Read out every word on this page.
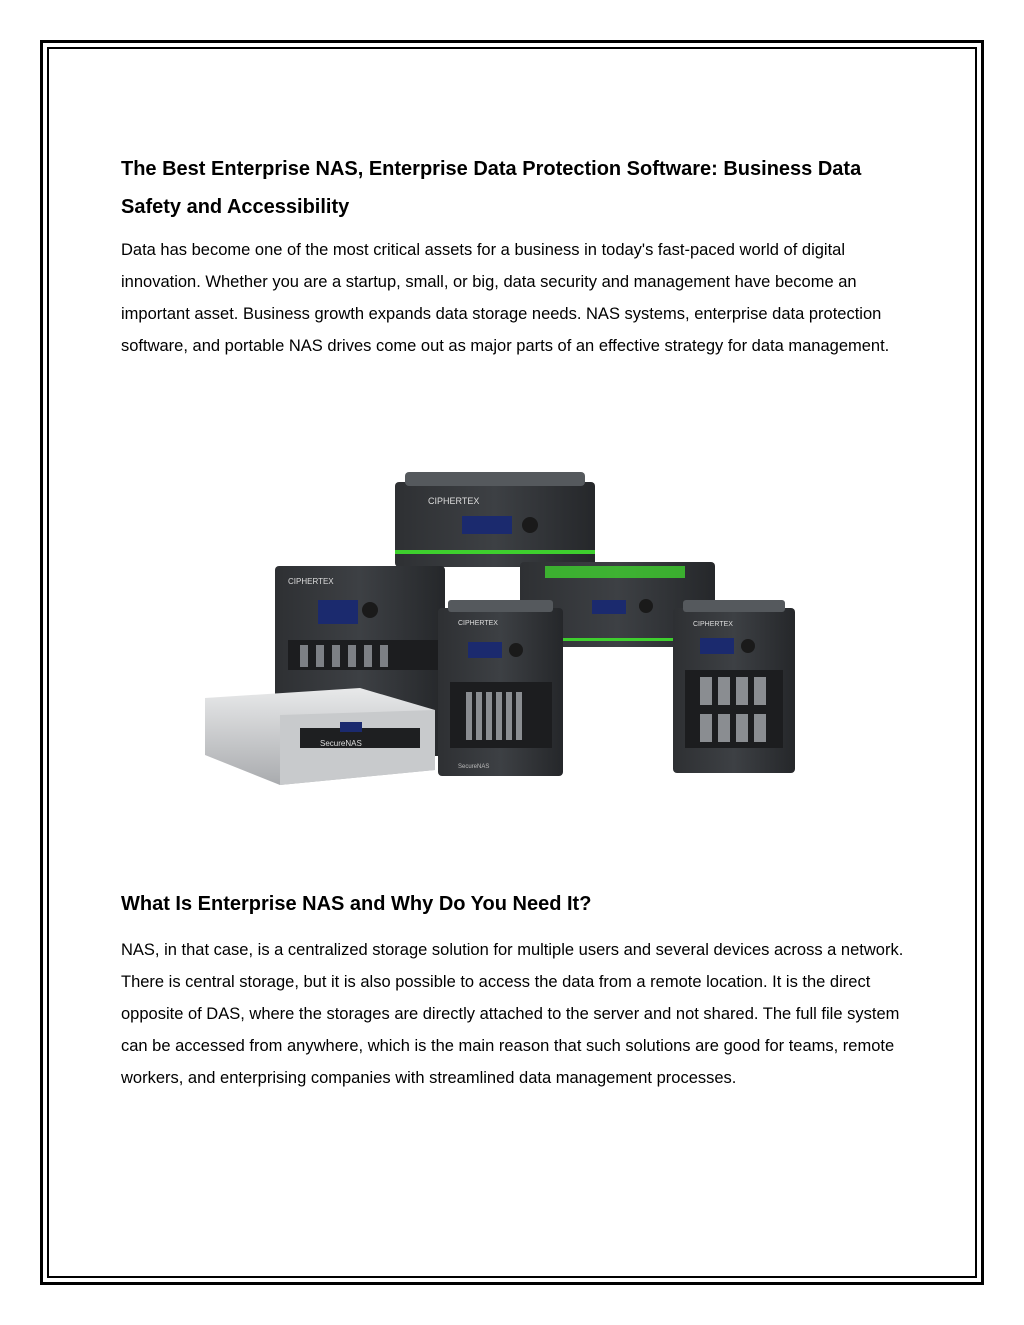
The Best Enterprise NAS, Enterprise Data Protection Software: Business Data Safety and Accessibility

Data has become one of the most critical assets for a business in today's fast-paced world of digital innovation. Whether you are a startup, small, or big, data security and management have become an important asset. Business growth expands data storage needs. NAS systems, enterprise data protection software, and portable NAS drives come out as major parts of an effective strategy for data management.

CIPHERTEX
CIPHERTEX
SecureNAS
CIPHERTEX
SecureNAS
CIPHERTEX
What Is Enterprise NAS and Why Do You Need It?

NAS, in that case, is a centralized storage solution for multiple users and several devices across a network. There is central storage, but it is also possible to access the data from a remote location. It is the direct opposite of DAS, where the storages are directly attached to the server and not shared. The full file system can be accessed from anywhere, which is the main reason that such solutions are good for teams, remote workers, and enterprising companies with streamlined data management processes.
